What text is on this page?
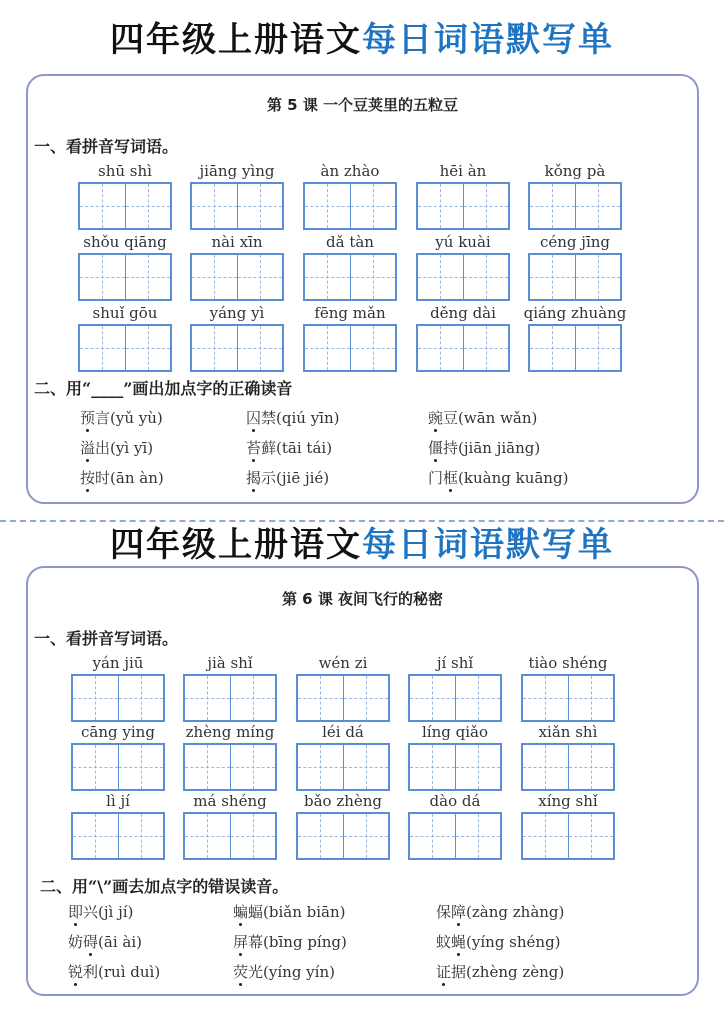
四年级上册语文每日词语默写单
第 5 课 一个豆荚里的五粒豆
一、看拼音写词语。
shū shì	jiāng yìng	àn zhào	hēi àn	kǒng pà
shǒu qiāng	nài xīn	dǎ tàn	yú kuài	céng jīng
shuǐ gōu	yáng yì	fēng mǎn	děng dài	qiáng zhuàng
二、用“____”画出加点字的正确读音
预言(yǔ yù)	囚禁(qiú yīn)	豌豆(wān wǎn)
溢出(yì yī)	苔藓(tāi tái)	僵持(jiān jiāng)
按时(ān àn)	揭示(jiē jié)	门框(kuàng kuāng)
四年级上册语文每日词语默写单
第 6 课 夜间飞行的秘密
一、看拼音写词语。
yán jiū	jià shǐ	wén zi	jí shǐ	tiào shéng
cāng ying	zhèng míng	léi dá	líng qiǎo	xiǎn shì
lì jí	má shéng	bǎo zhèng	dào dá	xíng shǐ
二、用“\”画去加点字的错误读音。
即兴(jì jí)	蝙蝠(biǎn biān)	保障(zàng zhàng)
妨碍(āi ài)	屏幕(bīng píng)	蚊蝇(yíng shéng)
锐利(ruì duì)	荧光(yíng yín)	证据(zhèng zèng)
